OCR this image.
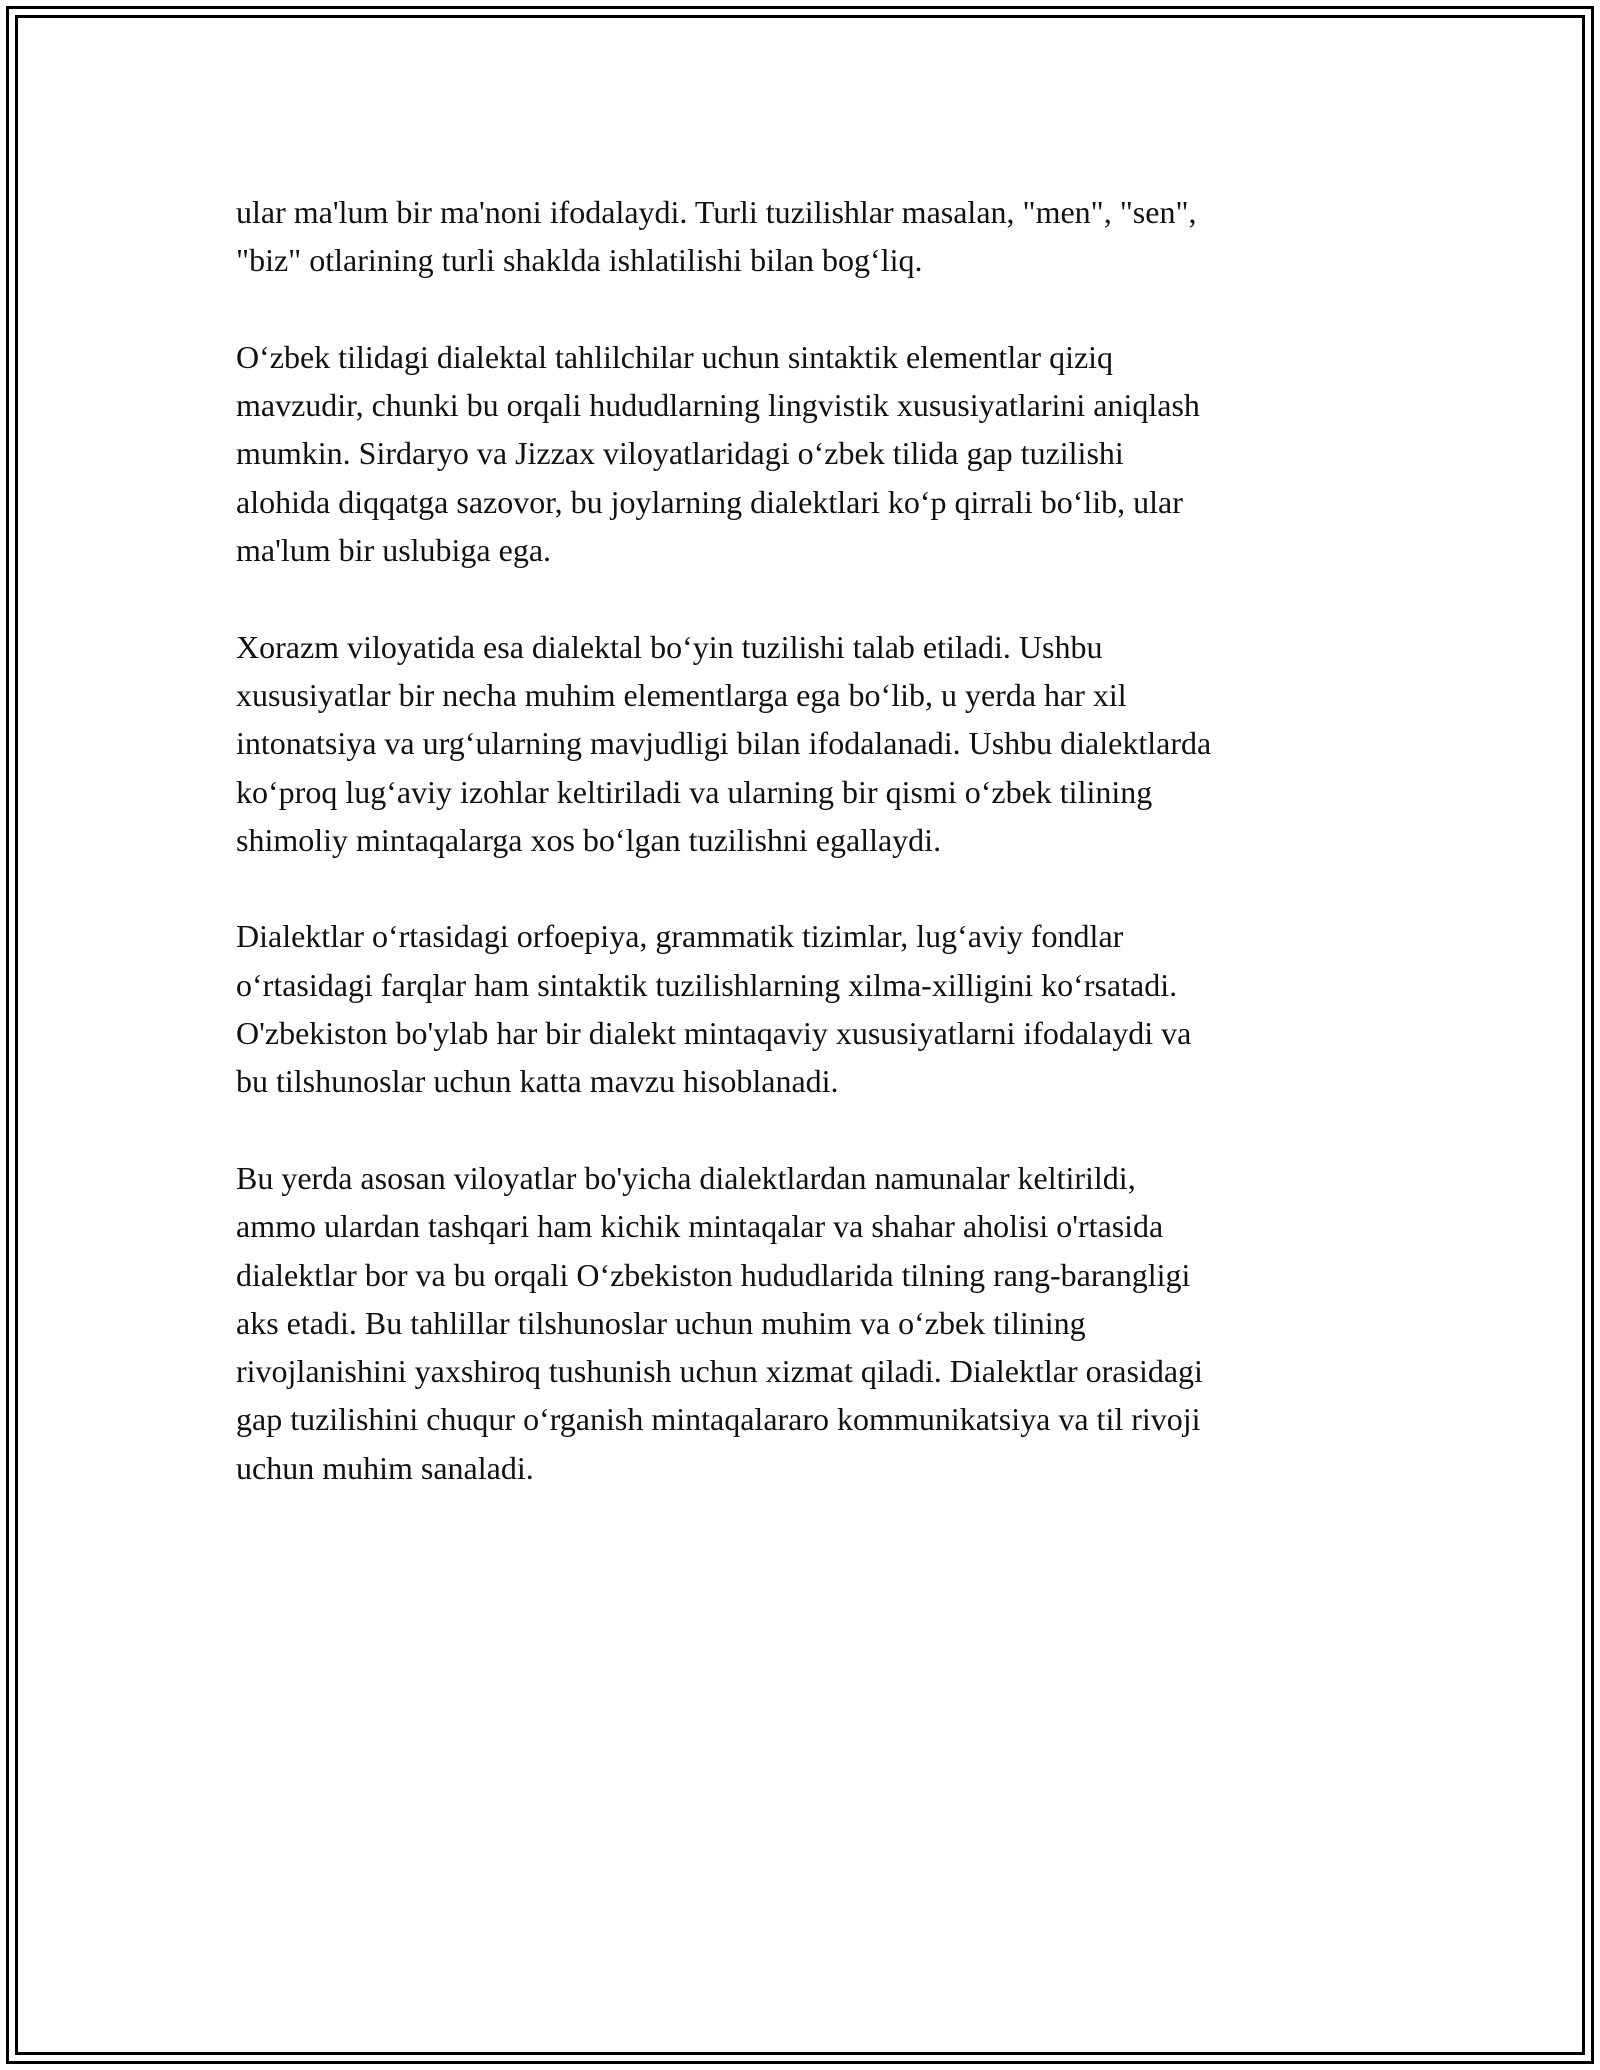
ular ma'lum bir ma'noni ifodalaydi. Turli tuzilishlar masalan, "men", "sen",
"biz" otlarining turli shaklda ishlatilishi bilan bog‘liq.

O‘zbek tilidagi dialektal tahlilchilar uchun sintaktik elementlar qiziq
mavzudir, chunki bu orqali hududlarning lingvistik xususiyatlarini aniqlash
mumkin. Sirdaryo va Jizzax viloyatlaridagi o‘zbek tilida gap tuzilishi
alohida diqqatga sazovor, bu joylarning dialektlari ko‘p qirrali bo‘lib, ular
ma'lum bir uslubiga ega.

Xorazm viloyatida esa dialektal bo‘yin tuzilishi talab etiladi. Ushbu
xususiyatlar bir necha muhim elementlarga ega bo‘lib, u yerda har xil
intonatsiya va urg‘ularning mavjudligi bilan ifodalanadi. Ushbu dialektlarda
ko‘proq lug‘aviy izohlar keltiriladi va ularning bir qismi o‘zbek tilining
shimoliy mintaqalarga xos bo‘lgan tuzilishni egallaydi.

Dialektlar o‘rtasidagi orfoepiya, grammatik tizimlar, lug‘aviy fondlar
o‘rtasidagi farqlar ham sintaktik tuzilishlarning xilma-xilligini ko‘rsatadi.
O'zbekiston bo'ylab har bir dialekt mintaqaviy xususiyatlarni ifodalaydi va
bu tilshunoslar uchun katta mavzu hisoblanadi.

Bu yerda asosan viloyatlar bo'yicha dialektlardan namunalar keltirildi,
ammo ulardan tashqari ham kichik mintaqalar va shahar aholisi o'rtasida
dialektlar bor va bu orqali O‘zbekiston hududlarida tilning rang-barangligi
aks etadi. Bu tahlillar tilshunoslar uchun muhim va o‘zbek tilining
rivojlanishini yaxshiroq tushunish uchun xizmat qiladi. Dialektlar orasidagi
gap tuzilishini chuqur o‘rganish mintaqalararo kommunikatsiya va til rivoji
uchun muhim sanaladi.
